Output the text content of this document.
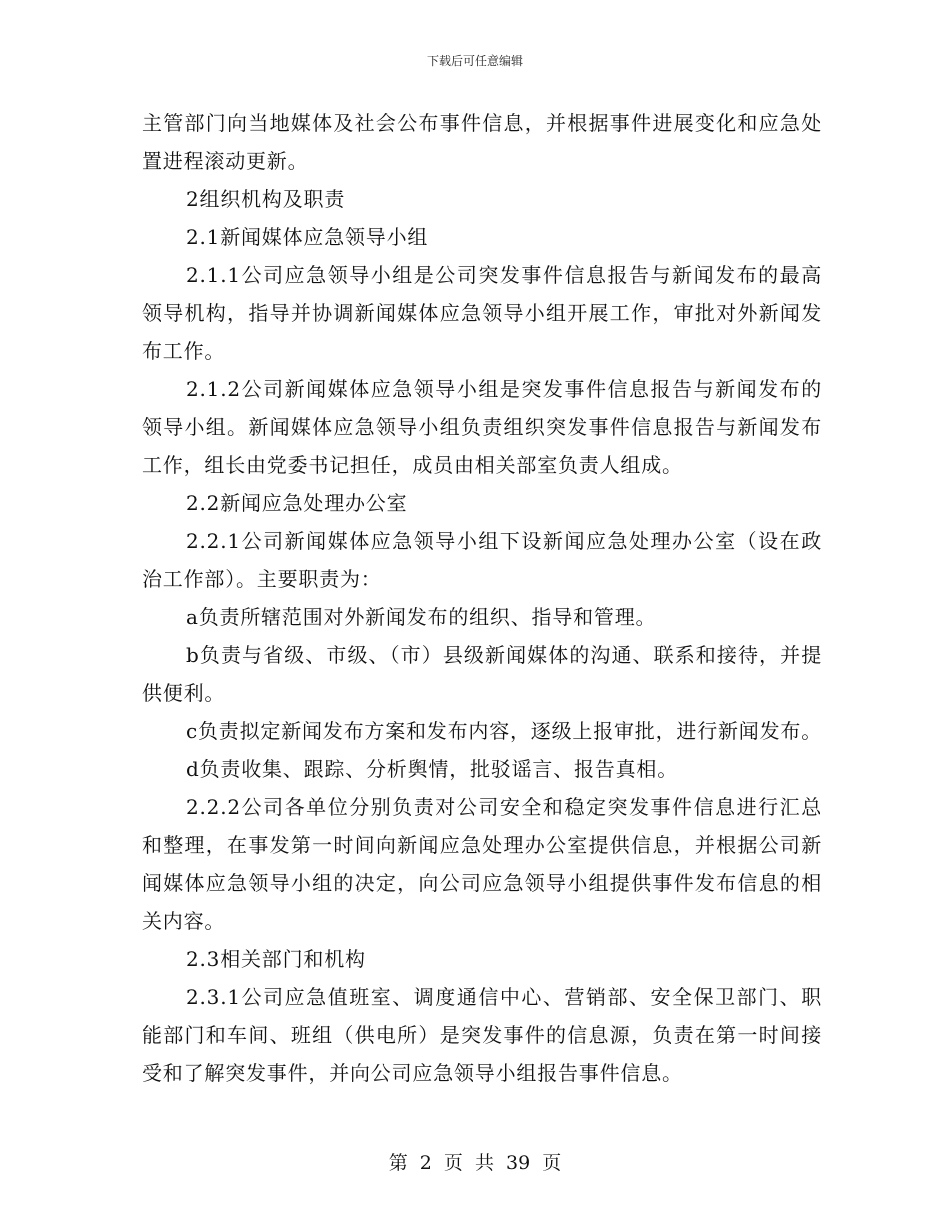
下载后可任意编辑

主管部门向当地媒体及社会公布事件信息，并根据事件进展变化和应急处置进程滚动更新。

2组织机构及职责

2.1新闻媒体应急领导小组

2.1.1公司应急领导小组是公司突发事件信息报告与新闻发布的最高领导机构，指导并协调新闻媒体应急领导小组开展工作，审批对外新闻发布工作。

2.1.2公司新闻媒体应急领导小组是突发事件信息报告与新闻发布的领导小组。新闻媒体应急领导小组负责组织突发事件信息报告与新闻发布工作，组长由党委书记担任，成员由相关部室负责人组成。

2.2新闻应急处理办公室

2.2.1公司新闻媒体应急领导小组下设新闻应急处理办公室（设在政治工作部）。主要职责为：

a负责所辖范围对外新闻发布的组织、指导和管理。

b负责与省级、市级、（市）县级新闻媒体的沟通、联系和接待，并提供便利。

c负责拟定新闻发布方案和发布内容，逐级上报审批，进行新闻发布。

d负责收集、跟踪、分析舆情，批驳谣言、报告真相。

2.2.2公司各单位分别负责对公司安全和稳定突发事件信息进行汇总和整理，在事发第一时间向新闻应急处理办公室提供信息，并根据公司新闻媒体应急领导小组的决定，向公司应急领导小组提供事件发布信息的相关内容。

2.3相关部门和机构

2.3.1公司应急值班室、调度通信中心、营销部、安全保卫部门、职能部门和车间、班组（供电所）是突发事件的信息源，负责在第一时间接受和了解突发事件，并向公司应急领导小组报告事件信息。

第 2 页 共 39 页
